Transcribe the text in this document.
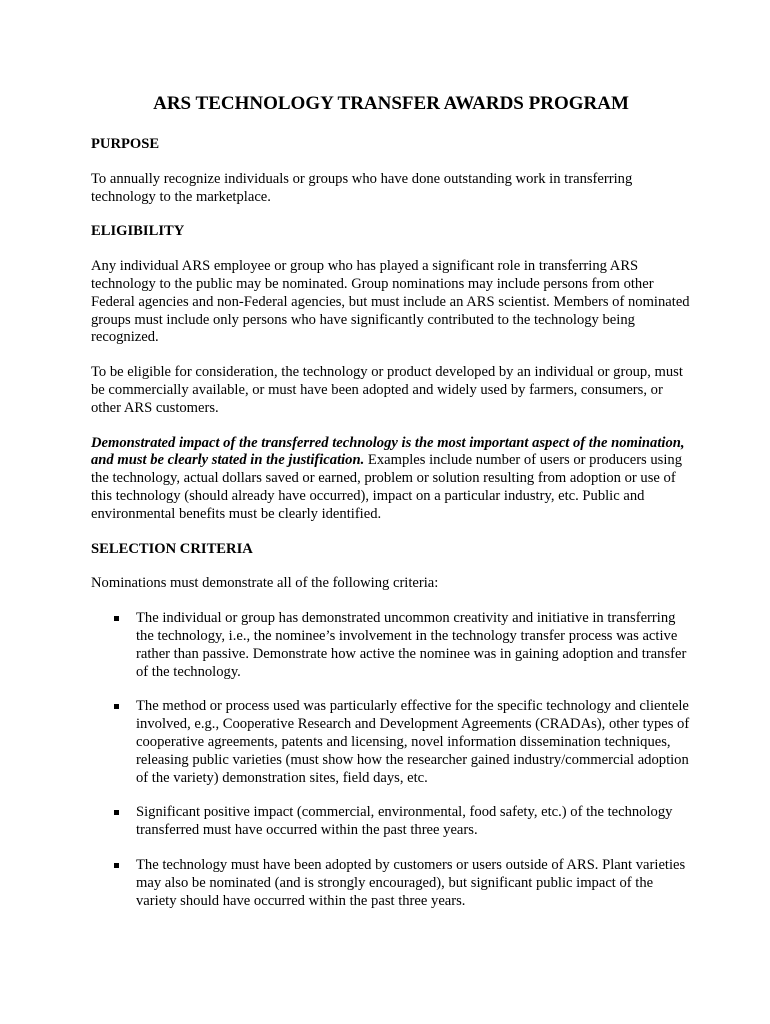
ARS TECHNOLOGY TRANSFER AWARDS PROGRAM
PURPOSE

To annually recognize individuals or groups who have done outstanding work in transferring technology to the marketplace.

ELIGIBILITY

Any individual ARS employee or group who has played a significant role in transferring ARS technology to the public may be nominated. Group nominations may include persons from other Federal agencies and non-Federal agencies, but must include an ARS scientist. Members of nominated groups must include only persons who have significantly contributed to the technology being recognized.

To be eligible for consideration, the technology or product developed by an individual or group, must be commercially available, or must have been adopted and widely used by farmers, consumers, or other ARS customers.

Demonstrated impact of the transferred technology is the most important aspect of the nomination, and must be clearly stated in the justification. Examples include number of users or producers using the technology, actual dollars saved or earned, problem or solution resulting from adoption or use of this technology (should already have occurred), impact on a particular industry, etc. Public and environmental benefits must be clearly identified.

SELECTION CRITERIA

Nominations must demonstrate all of the following criteria:

The individual or group has demonstrated uncommon creativity and initiative in transferring the technology, i.e., the nominee’s involvement in the technology transfer process was active rather than passive. Demonstrate how active the nominee was in gaining adoption and transfer of the technology.
The method or process used was particularly effective for the specific technology and clientele involved, e.g., Cooperative Research and Development Agreements (CRADAs), other types of cooperative agreements, patents and licensing, novel information dissemination techniques, releasing public varieties (must show how the researcher gained industry/commercial adoption of the variety) demonstration sites, field days, etc.
Significant positive impact (commercial, environmental, food safety, etc.) of the technology transferred must have occurred within the past three years.
The technology must have been adopted by customers or users outside of ARS. Plant varieties may also be nominated (and is strongly encouraged), but significant public impact of the variety should have occurred within the past three years.
